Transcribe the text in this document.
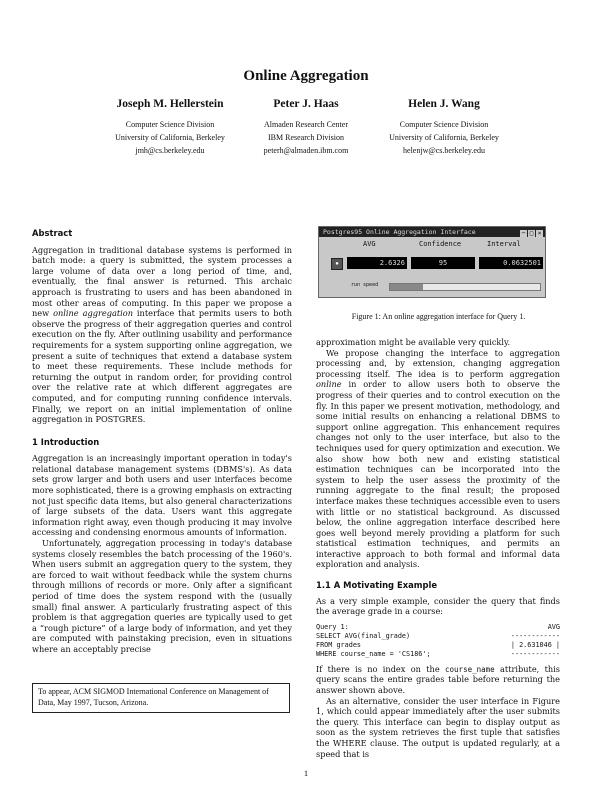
Online Aggregation
Joseph M. Hellerstein
Computer Science Division
University of California, Berkeley
jmh@cs.berkeley.edu
Peter J. Haas
Almaden Research Center
IBM Research Division
peterh@almaden.ibm.com
Helen J. Wang
Computer Science Division
University of California, Berkeley
helenjw@cs.berkeley.edu
Abstract

Aggregation in traditional database systems is performed in batch mode: a query is submitted, the system processes a large volume of data over a long period of time, and, eventually, the final answer is returned. This archaic approach is frustrating to users and has been abandoned in most other areas of computing. In this paper we propose a new online aggregation interface that permits users to both observe the progress of their aggregation queries and control execution on the fly. After outlining usability and performance requirements for a system supporting online aggregation, we present a suite of techniques that extend a database system to meet these requirements. These include methods for returning the output in random order, for providing control over the relative rate at which different aggregates are computed, and for computing running confidence intervals. Finally, we report on an initial implementation of online aggregation in POSTGRES.

1 Introduction

Aggregation is an increasingly important operation in today's relational database management systems (DBMS's). As data sets grow larger and both users and user interfaces become more sophisticated, there is a growing emphasis on extracting not just specific data items, but also general characterizations of large subsets of the data. Users want this aggregate information right away, even though producing it may involve accessing and condensing enormous amounts of information.

Unfortunately, aggregation processing in today's database systems closely resembles the batch processing of the 1960's. When users submit an aggregation query to the system, they are forced to wait without feedback while the system churns through millions of records or more. Only after a significant period of time does the system respond with the (usually small) final answer. A particularly frustrating aspect of this problem is that aggregation queries are typically used to get a “rough picture” of a large body of information, and yet they are computed with painstaking precision, even in situations where an acceptably precise

To appear, ACM SIGMOD International Conference on Management of Data, May 1997, Tucson, Arizona.
Postgres95 Online Aggregation Interface	─ □ ×
AVG	Confidence	Interval
●	2.6326	95	0.0632501
run speed
Figure 1: An online aggregation interface for Query 1.

approximation might be available very quickly.

We propose changing the interface to aggregation processing and, by extension, changing aggregation processing itself. The idea is to perform aggregation online in order to allow users both to observe the progress of their queries and to control execution on the fly. In this paper we present motivation, methodology, and some initial results on enhancing a relational DBMS to support online aggregation. This enhancement requires changes not only to the user interface, but also to the techniques used for query optimization and execution. We also show how both new and existing statistical estimation techniques can be incorporated into the system to help the user assess the proximity of the running aggregate to the final result; the proposed interface makes these techniques accessible even to users with little or no statistical background. As discussed below, the online aggregation interface described here goes well beyond merely providing a platform for such statistical estimation techniques, and permits an interactive approach to both formal and informal data exploration and analysis.

1.1 A Motivating Example

As a very simple example, consider the query that finds the average grade in a course:

Query 1:	AVG
SELECT AVG(final_grade)	------------
FROM grades	| 2.631046 |
WHERE course_name = 'CS186';	------------

If there is no index on the course_name attribute, this query scans the entire grades table before returning the answer shown above.

As an alternative, consider the user interface in Figure 1, which could appear immediately after the user submits the query. This interface can begin to display output as soon as the system retrieves the first tuple that satisfies the WHERE clause. The output is updated regularly, at a speed that is

1
